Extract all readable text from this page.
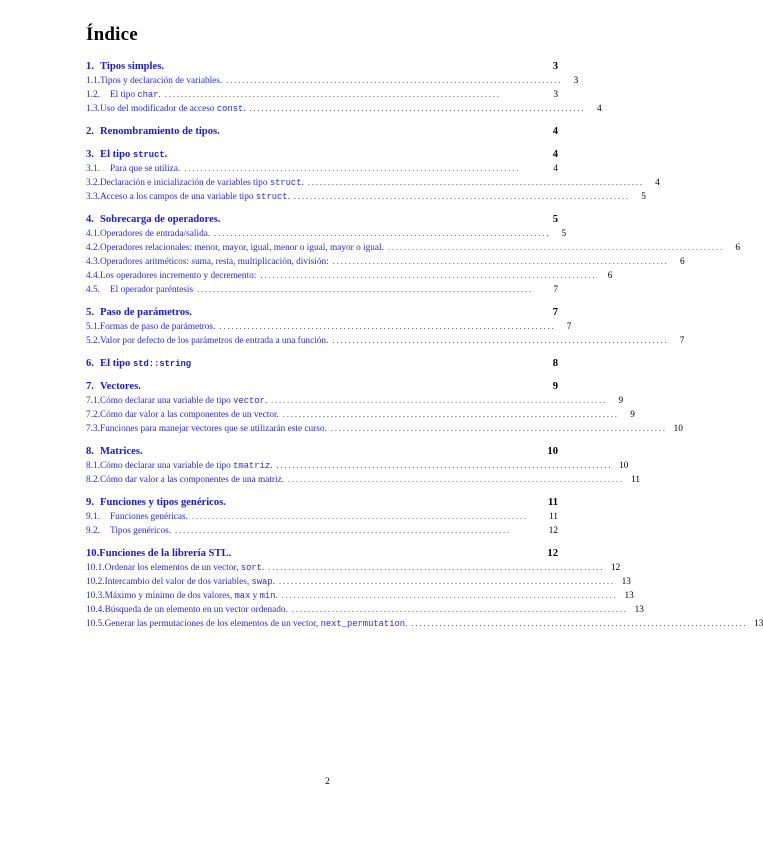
Índice
1. Tipos simples.	3
1.1. Tipos y declaración de variables. . . .	3
1.2.	El tipo char. . . .	3
1.3. Uso del modificador de acceso const. . . .	4
2. Renombramiento de tipos.	4
3. El tipo struct.	4
3.1.	Para que se utiliza. . . .	4
3.2. Declaración e inicialización de variables tipo struct. . . .	4
3.3. Acceso a los campos de una variable tipo struct. . . .	5
4. Sobrecarga de operadores.	5
4.1. Operadores de entrada/salida. . . .	5
4.2. Operadores relacionales: menor, mayor, igual, menor o igual, mayor o igual. . . .	6
4.3. Operadores aritméticos: suma, resta, multiplicación, división: . . .	6
4.4. Los operadores incremento y decremento: . . .	6
4.5.	El operador paréntesis . . .	7
5. Paso de parámetros.	7
5.1. Formas de paso de parámetros. . . .	7
5.2. Valor por defecto de los parámetros de entrada a una función. . . .	7
6. El tipo std::string	8
7. Vectores.	9
7.1. Cómo declarar una variable de tipo vector. . . .	9
7.2. Cómo dar valor a las componentes de un vector. . . .	9
7.3. Funciones para manejar vectores que se utilizarán este curso. . . .	10
8. Matrices.	10
8.1. Cómo declarar una variable de tipo tmatriz. . . .	10
8.2. Cómo dar valor a las componentes de una matriz. . . .	11
9. Funciones y tipos genéricos.	11
9.1.	Funciones genéricas. . . .	11
9.2.	Tipos genéricos. . . .	12
10. Funciones de la librería STL.	12
10.1. Ordenar los elementos de un vector, sort. . . .	12
10.2. Intercambio del valor de dos variables, swap. . . .	13
10.3. Máximo y mínimo de dos valores, max y min. . . .	13
10.4. Búsqueda de un elemento en un vector ordenado. . . .	13
10.5. Generar las permutaciones de los elementos de un vector, next_permutation. . . .	13
2
